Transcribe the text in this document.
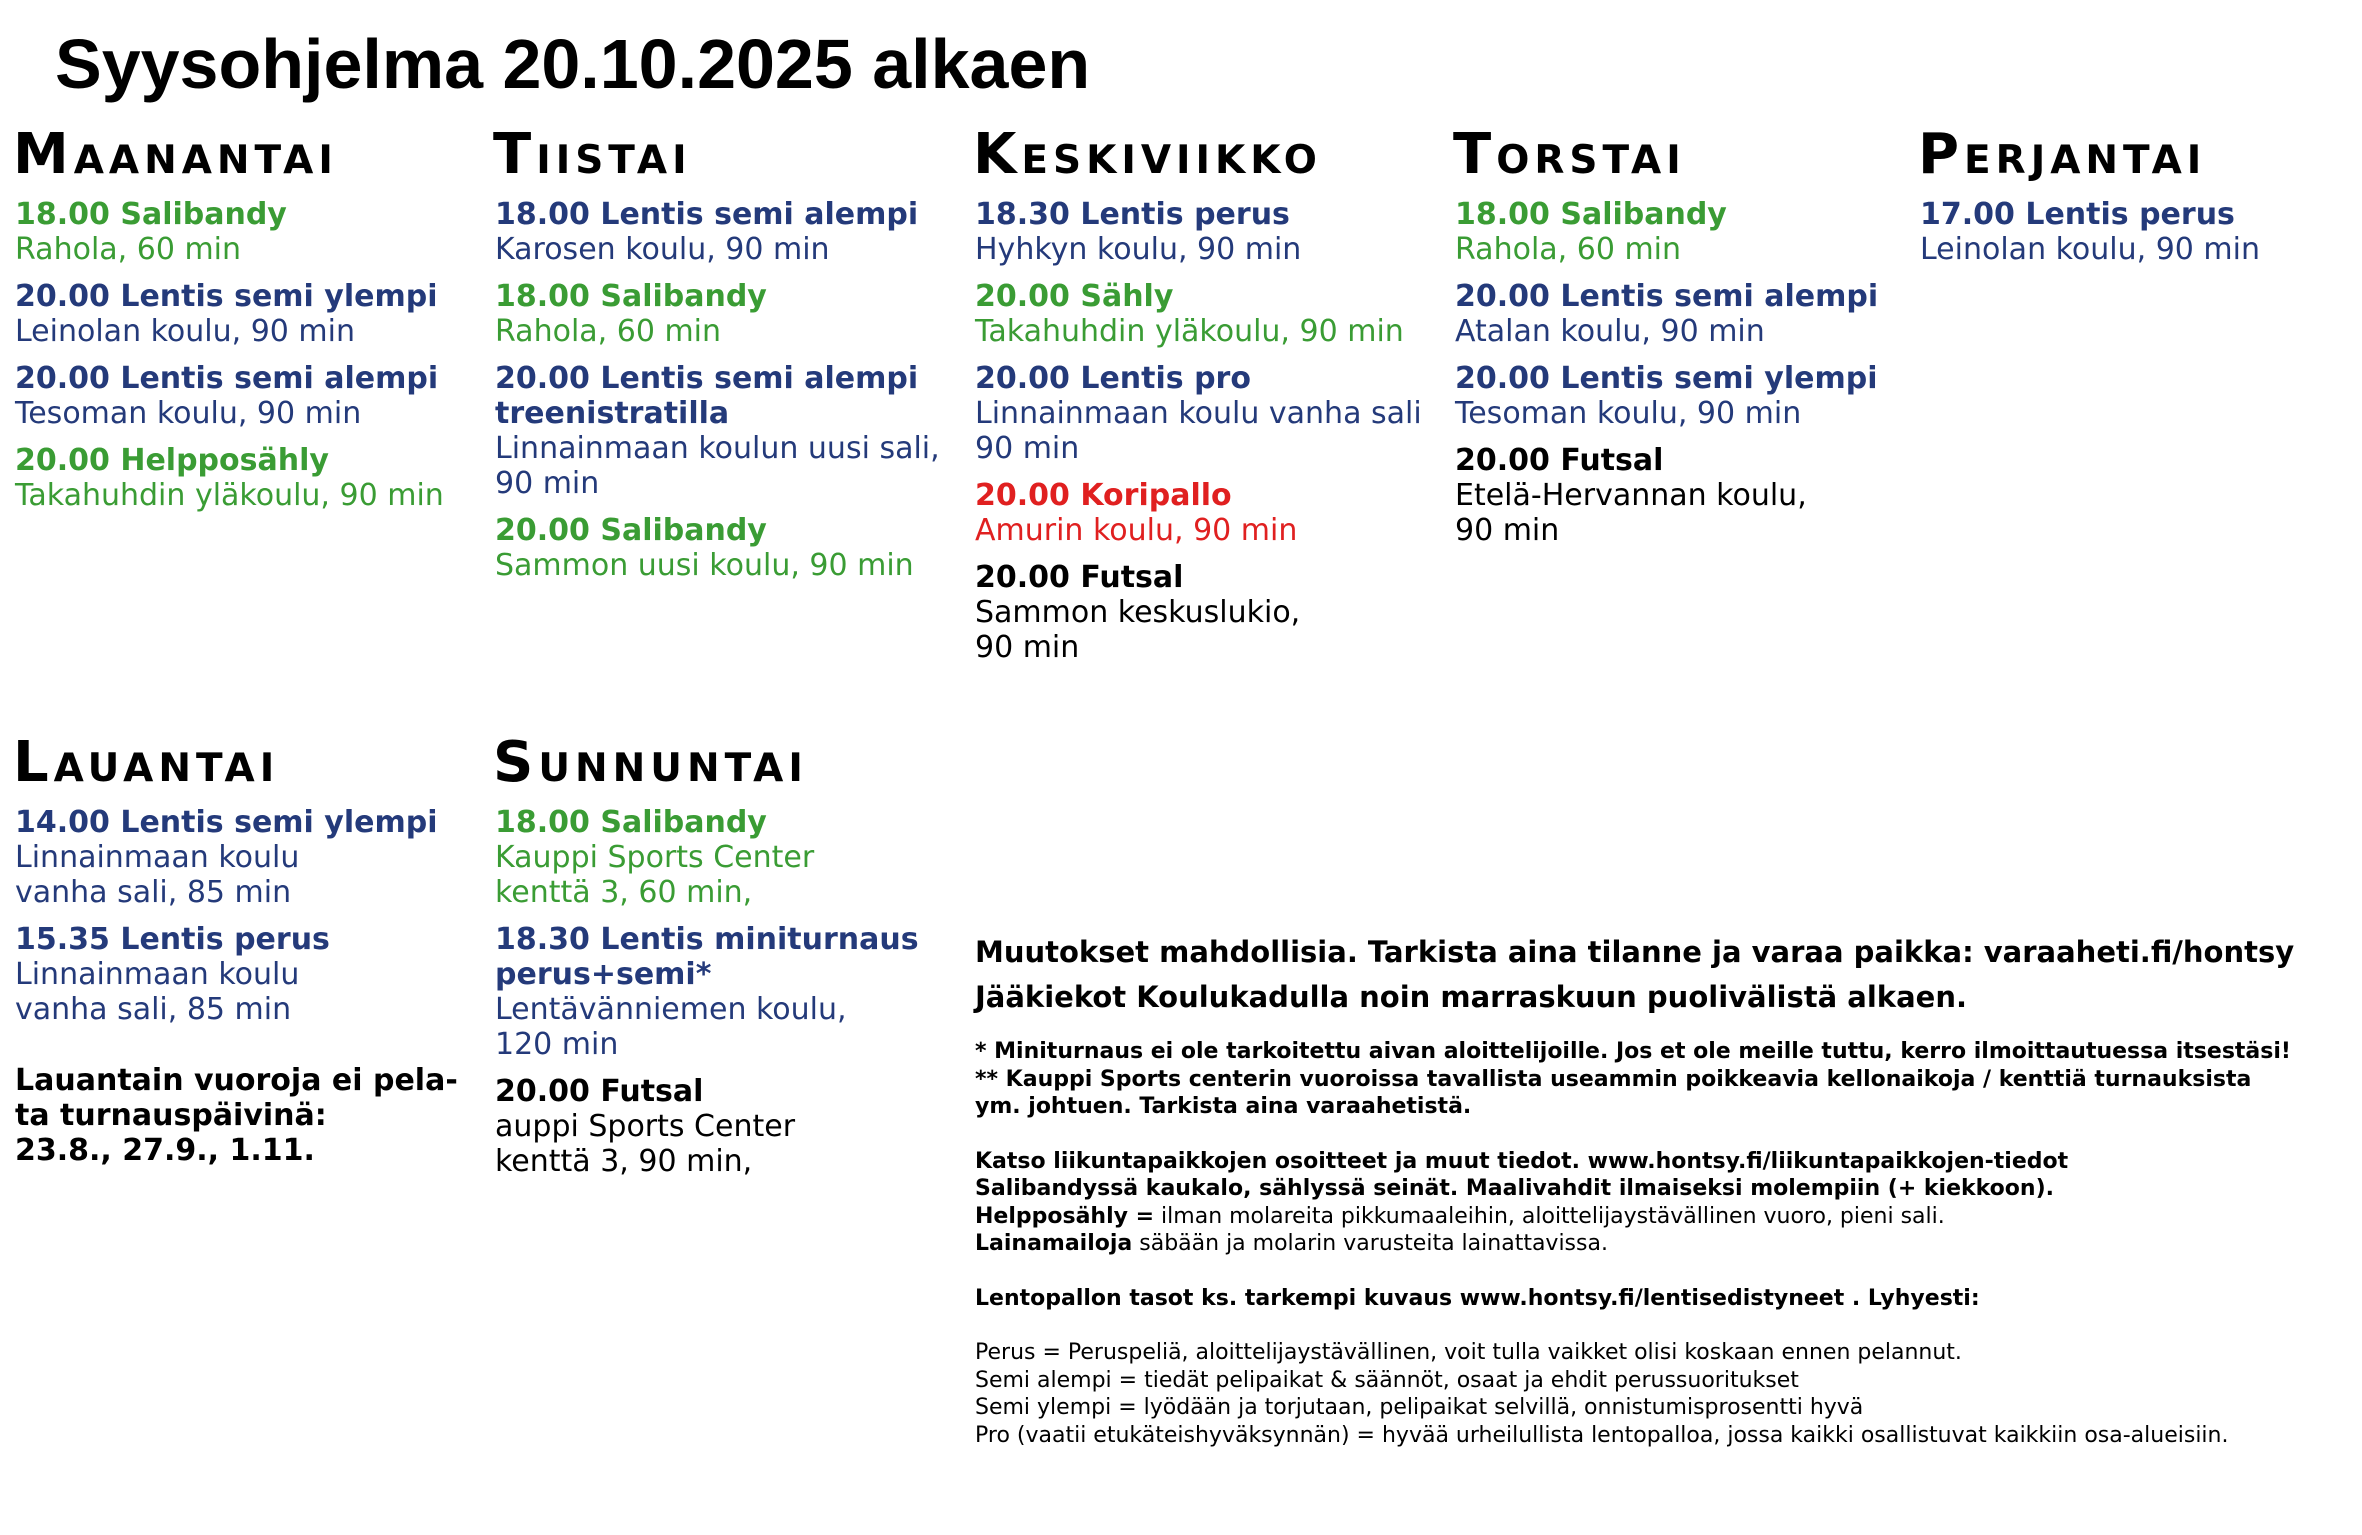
Syysohjelma 20.10.2025 alkaen
Maanantai
18.00 Salibandy
Rahola, 60 min
20.00 Lentis semi ylempi
Leinolan koulu, 90 min
20.00 Lentis semi alempi
Tesoman koulu, 90 min
20.00 Helpposähly
Takahuhdin yläkoulu, 90 min
Tiistai
18.00 Lentis semi alempi
Karosen koulu, 90 min
18.00 Salibandy
Rahola, 60 min
20.00 Lentis semi alempi
treenistratilla
Linnainmaan koulun uusi sali,
90 min
20.00 Salibandy
Sammon uusi koulu, 90 min
Keskiviikko
18.30 Lentis perus
Hyhkyn koulu, 90 min
20.00 Sähly
Takahuhdin yläkoulu, 90 min
20.00 Lentis pro
Linnainmaan koulu vanha sali
90 min
20.00 Koripallo
Amurin koulu, 90 min
20.00 Futsal
Sammon keskuslukio,
90 min
Torstai
18.00 Salibandy
Rahola, 60 min
20.00 Lentis semi alempi
Atalan koulu, 90 min
20.00 Lentis semi ylempi
Tesoman koulu, 90 min
20.00 Futsal
Etelä-Hervannan koulu,
90 min
Perjantai
17.00 Lentis perus
Leinolan koulu, 90 min
Lauantai
14.00 Lentis semi ylempi
Linnainmaan koulu
vanha sali, 85 min
15.35 Lentis perus
Linnainmaan koulu
vanha sali, 85 min
Lauantain vuoroja ei pela-
ta turnauspäivinä:
23.8., 27.9., 1.11.
Sunnuntai
18.00 Salibandy
Kauppi Sports Center
kenttä 3, 60 min,
18.30 Lentis miniturnaus
perus+semi*
Lentävänniemen koulu,
120 min
20.00 Futsal
auppi Sports Center
kenttä 3, 90 min,

Muutokset mahdollisia. Tarkista aina tilanne ja varaa paikka: varaaheti.fi/hontsy

Jääkiekot Koulukadulla noin marraskuun puolivälistä alkaen.

* Miniturnaus ei ole tarkoitettu aivan aloittelijoille. Jos et ole meille tuttu, kerro ilmoittautuessa itsestäsi!

** Kauppi Sports centerin vuoroissa tavallista useammin poikkeavia kellonaikoja / kenttiä turnauksista

ym. johtuen. Tarkista aina varaahetistä.

Katso liikuntapaikkojen osoitteet ja muut tiedot. www.hontsy.fi/liikuntapaikkojen-tiedot

Salibandyssä kaukalo, sählyssä seinät. Maalivahdit ilmaiseksi molempiin (+ kiekkoon).

Helpposähly = ilman molareita pikkumaaleihin, aloittelijaystävällinen vuoro, pieni sali.

Lainamailoja säbään ja molarin varusteita lainattavissa.

Lentopallon tasot ks. tarkempi kuvaus www.hontsy.fi/lentisedistyneet . Lyhyesti:

Perus = Peruspeliä, aloittelijaystävällinen, voit tulla vaikket olisi koskaan ennen pelannut.

Semi alempi = tiedät pelipaikat & säännöt, osaat ja ehdit perussuoritukset

Semi ylempi = lyödään ja torjutaan, pelipaikat selvillä, onnistumisprosentti hyvä

Pro (vaatii etukäteishyväksynnän) = hyvää urheilullista lentopalloa, jossa kaikki osallistuvat kaikkiin osa-alueisiin.
